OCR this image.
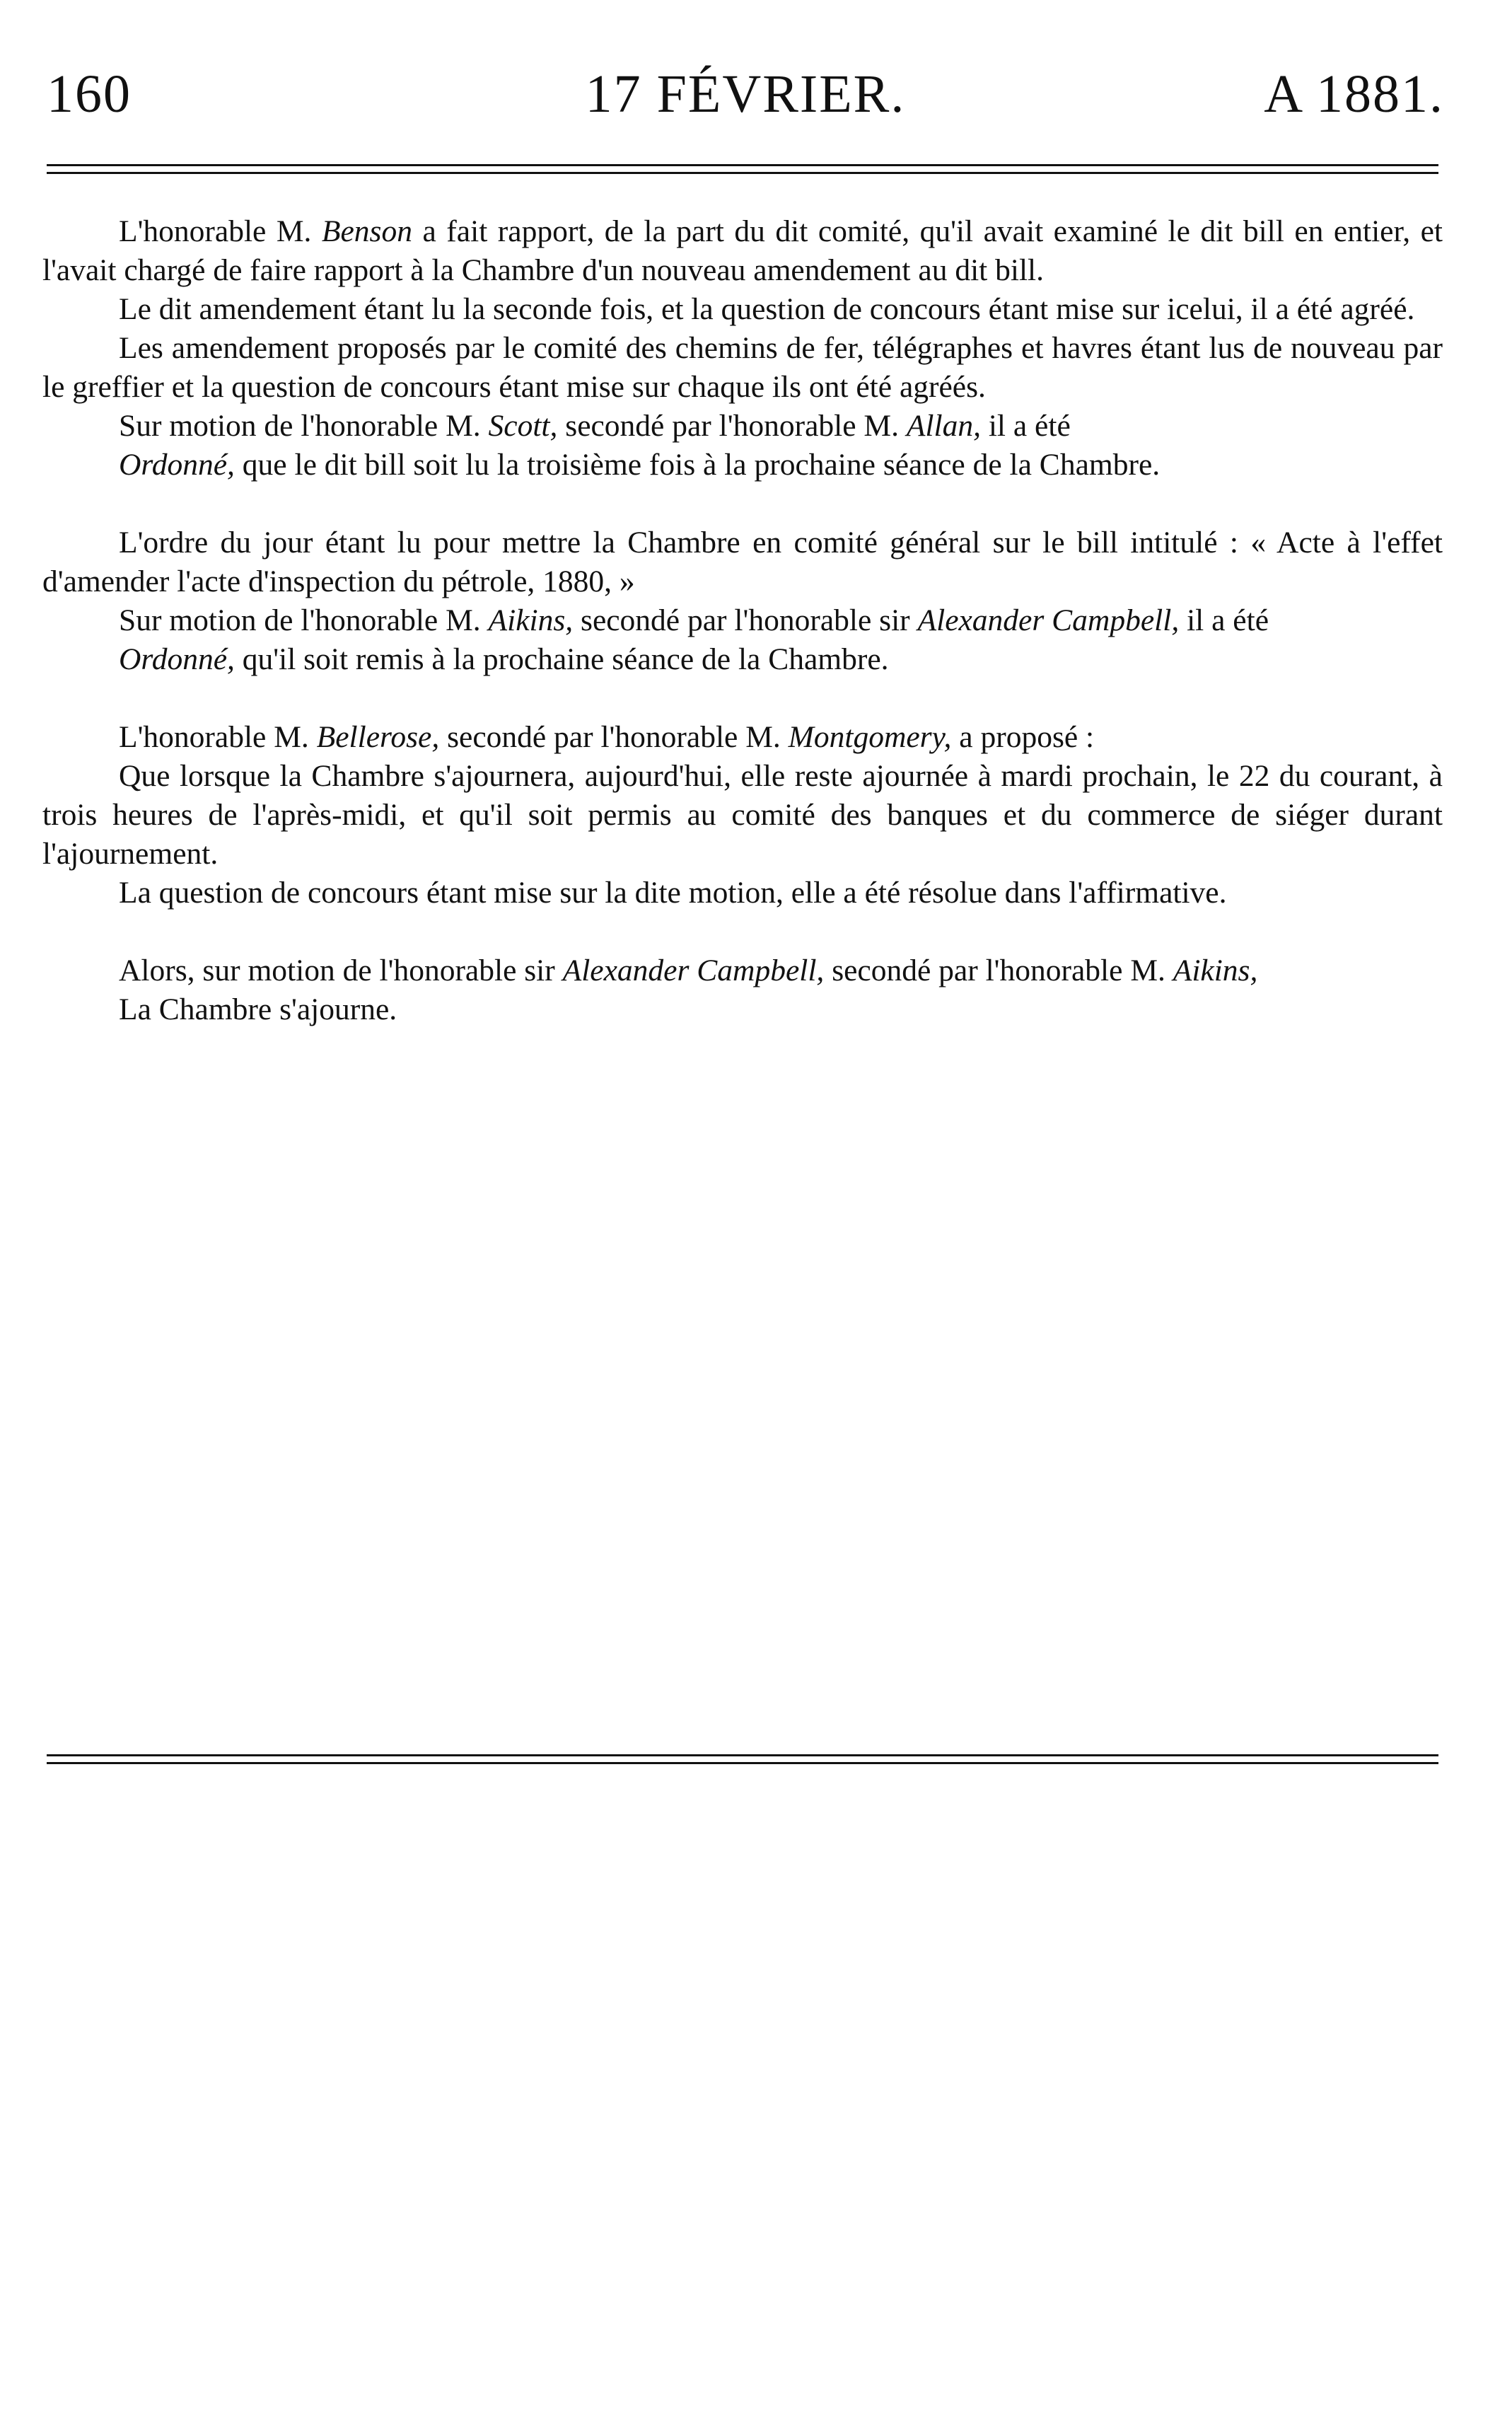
160	17 FÉVRIER.	A 1881.

L'honorable M. Benson a fait rapport, de la part du dit comité, qu'il avait examiné le dit bill en entier, et l'avait chargé de faire rapport à la Chambre d'un nouveau amendement au dit bill.

Le dit amendement étant lu la seconde fois, et la question de concours étant mise sur icelui, il a été agréé.

Les amendement proposés par le comité des chemins de fer, télégraphes et havres étant lus de nouveau par le greffier et la question de concours étant mise sur chaque ils ont été agréés.

Sur motion de l'honorable M. Scott, secondé par l'honorable M. Allan, il a été

Ordonné, que le dit bill soit lu la troisième fois à la prochaine séance de la Chambre.

L'ordre du jour étant lu pour mettre la Chambre en comité général sur le bill intitulé : « Acte à l'effet d'amender l'acte d'inspection du pétrole, 1880, »

Sur motion de l'honorable M. Aikins, secondé par l'honorable sir Alexander Campbell, il a été

Ordonné, qu'il soit remis à la prochaine séance de la Chambre.

L'honorable M. Bellerose, secondé par l'honorable M. Montgomery, a proposé :

Que lorsque la Chambre s'ajournera, aujourd'hui, elle reste ajournée à mardi prochain, le 22 du courant, à trois heures de l'après-midi, et qu'il soit permis au comité des banques et du commerce de siéger durant l'ajournement.

La question de concours étant mise sur la dite motion, elle a été résolue dans l'affirmative.

Alors, sur motion de l'honorable sir Alexander Campbell, secondé par l'honorable M. Aikins,

La Chambre s'ajourne.
